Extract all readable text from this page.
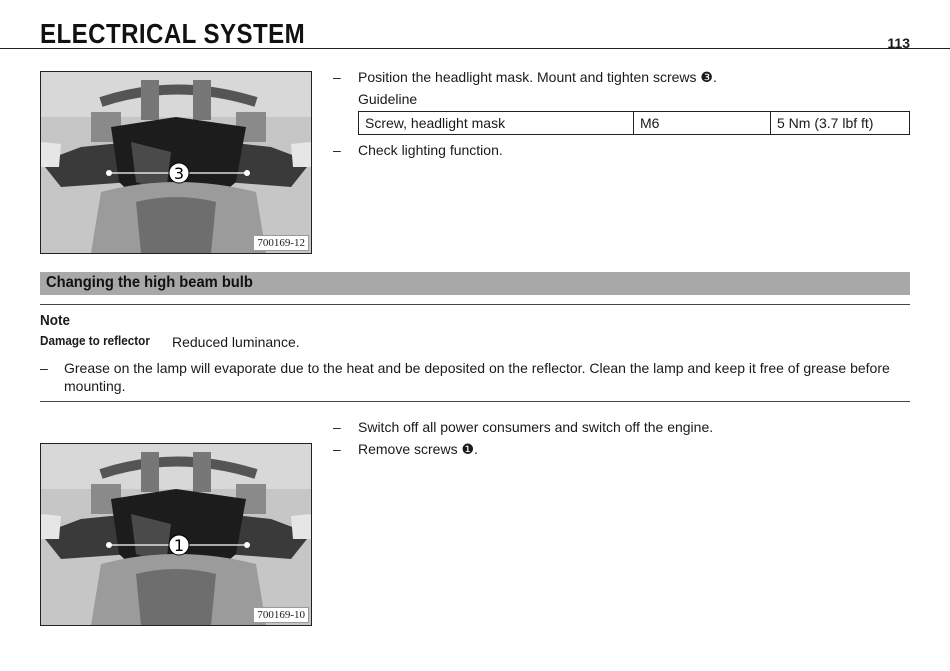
ELECTRICAL SYSTEM	113
3
700169-12
– Position the headlight mask. Mount and tighten screws ❸.
Guideline
Screw, headlight mask	M6	5 Nm (3.7 lbf ft)
– Check lighting function.
Changing the high beam bulb
Note
Damage to reflector Reduced luminance.
– Grease on the lamp will evaporate due to the heat and be deposited on the reflector. Clean the lamp and keep it free of grease before mounting.
– Switch off all power consumers and switch off the engine.
– Remove screws ❶.
1
700169-10
